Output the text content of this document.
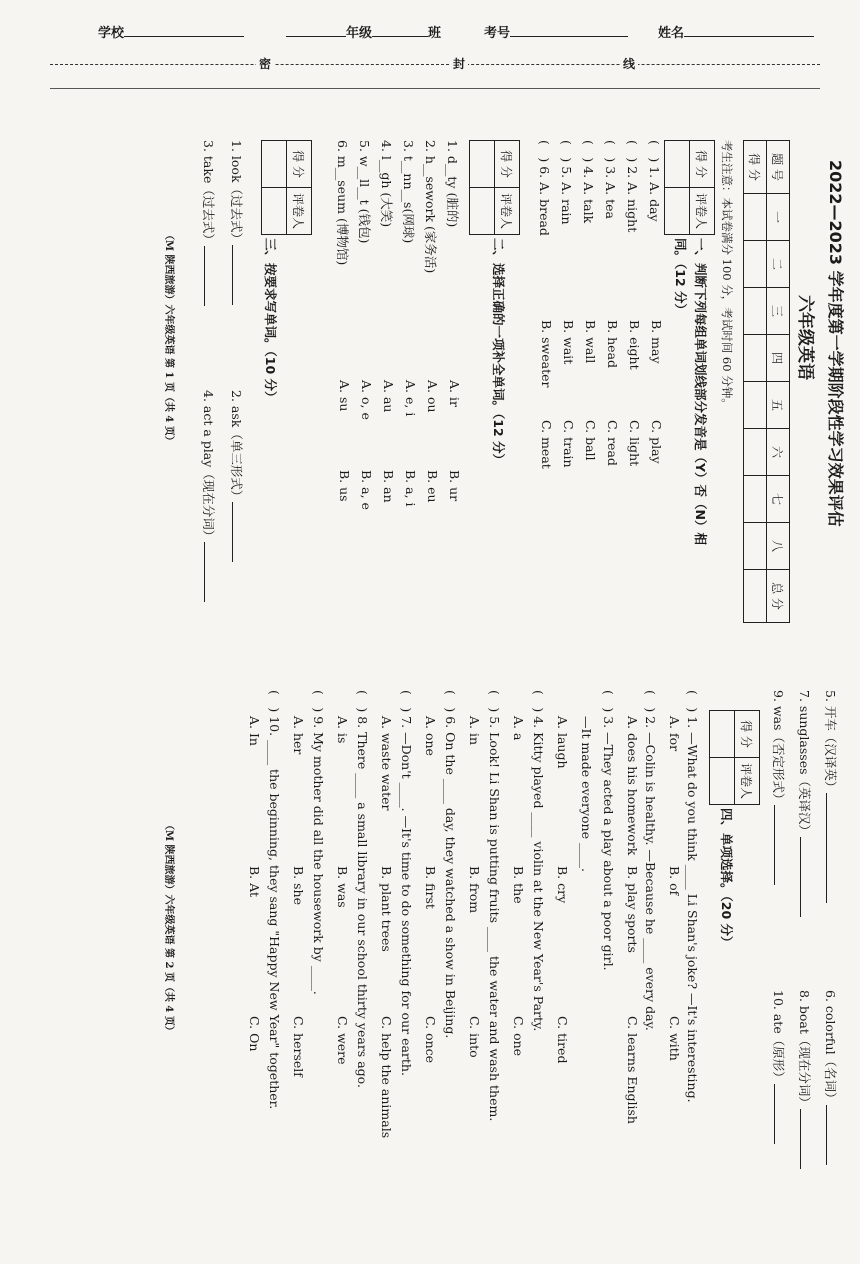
学校	年级	班	考号	姓名
密	封	线
2022—2023 学年度第一学期阶段性学习效果评估
六年级英语
题 号	一	二	三	四	五	六	七	八	总 分
得 分									
考生注意：本试卷满分 100 分，考试时间 60 分钟。
得 分	评卷人

一、判断下列每组单词划线部分发音是（Y）否（N）相
同。（12 分）
(　) 1. A. day
B. may
C. play
(　) 2. A. night
B. eight
C. light
(　) 3. A. tea
B. head
C. read
(　) 4. A. talk
B. wall
C. ball
(　) 5. A. rain
B. wait
C. train
(　) 6. A. bread
B. sweater
C. meat
得 分	评卷人

二、选择正确的一项补全单词。（12 分）
1. d__ty (脏的)
A. ir
B. ur
2. h__sework (家务活)
A. ou
B. eu
3. t__nn__s(网球)
A. e, i
B. a, i
4. l__gh (大笑)
A. au
B. an
5. w__ll__t (钱包)
A. o, e
B. a, e
6. m__seum (博物馆)
A. su
B. us
得 分	评卷人

三、按要求写单词。（10 分）
1. look（过去式）
2. ask（单三形式）
3. take（过去式）
4. act a play（现在分词）
（M 陕西旅游）六年级英语 第 1 页（共 4 页）
5. 开车（汉译英）
6. colorful（名词）
7. sunglasses（英译汉）
8. boat（现在分词）
9. was（否定形式）
10. ate（原形）
得 分	评卷人

四、单项选择。（20 分）
(　) 1. —What do you think ____ Li Shan's joke? —It's interesting.
A. for
B. of
C. with
(　) 2. —Colin is healthy. —Because he ____ every day.
A. does his homework
B. play sports
C. learns English
(　) 3. —They acted a play about a poor girl.
—It made everyone ____.
A. laugh
B. cry
C. tired
(　) 4. Kitty played ____ violin at the New Year's Party.
A. a
B. the
C. one
(　) 5. Look! Li Shan is putting fruits ____ the water and wash them.
A. in
B. from
C. into
(　) 6. On the ____ day, they watched a show in Beijing.
A. one
B. first
C. once
(　) 7. —Don't ____. —It's time to do something for our earth.
A. waste water
B. plant trees
C. help the animals
(　) 8. There ____ a small library in our school thirty years ago.
A. is
B. was
C. were
(　) 9. My mother did all the housework by ____.
A. her
B. she
C. herself
(　) 10. ____ the beginning, they sang "Happy New Year" together.
A. In
B. At
C. On
（M 陕西旅游）六年级英语 第 2 页（共 4 页）
